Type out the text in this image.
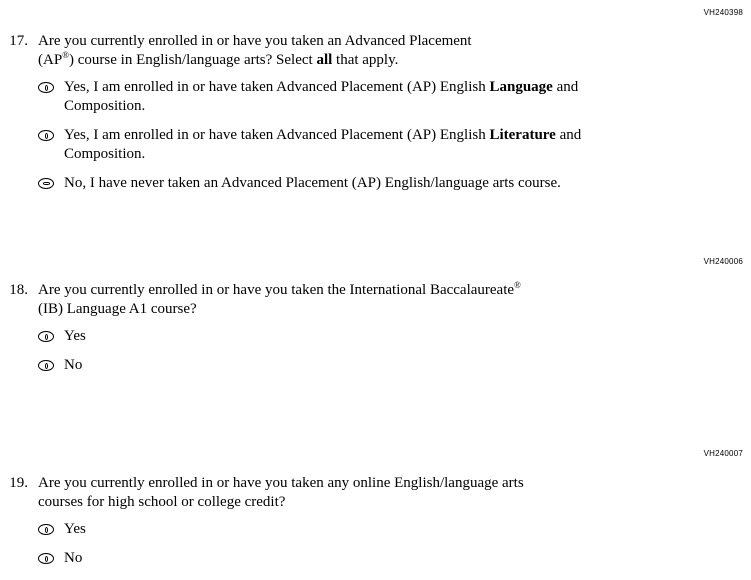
VH240398
17. Are you currently enrolled in or have you taken an Advanced Placement
(AP®) course in English/language arts? Select all that apply.
Yes, I am enrolled in or have taken Advanced Placement (AP) English Language and
Composition.
Yes, I am enrolled in or have taken Advanced Placement (AP) English Literature and
Composition.
No, I have never taken an Advanced Placement (AP) English/language arts course.
VH240006
18. Are you currently enrolled in or have you taken the International Baccalaureate®
(IB) Language A1 course?
Yes
No
VH240007
19. Are you currently enrolled in or have you taken any online English/language arts
courses for high school or college credit?
Yes
No
